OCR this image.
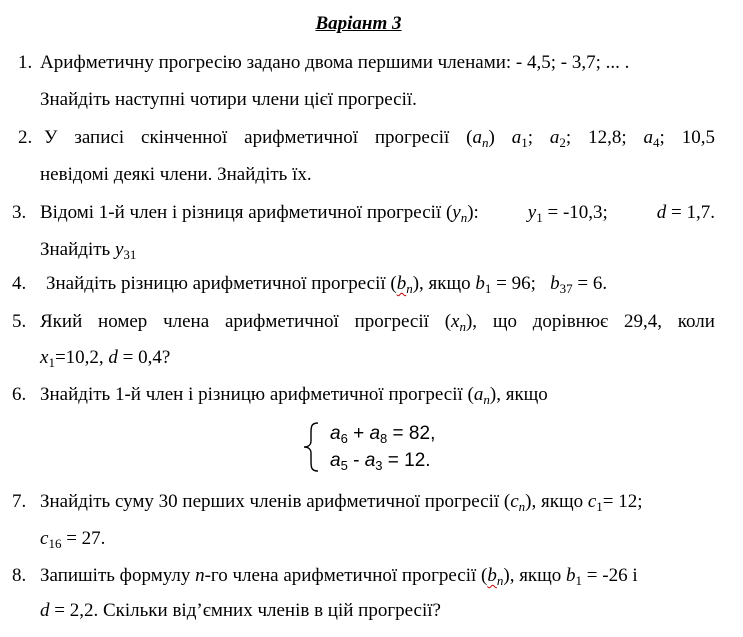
Варіант 3
1. Арифметичну прогресію задано двома першими членами: - 4,5; - 3,7; ... .
Знайдіть наступні чотири члени цієї прогресії.
2. У записі скінченної арифметичної прогресії $(a_n)$ $a_1$; $a_2$; 12,8; $a_4$; 10,5
невідомі деякі члени. Знайдіть їх.
3. Відомі 1-й член і різниця арифметичної прогресії $(y_n)$:	$y_1 = -10,3$;	d = 1,7.
Знайдіть $y_{31}$
4. Знайдіть різницю арифметичної прогресії $(b_n)$, якщо $b_1 = 96$; $b_{37} = 6$.
5. Який номер члена арифметичної прогресії $(x_n)$, що дорівнює 29,4, коли
$x_1=10,2$, d = 0,4?
6. Знайдіть 1-й член і різницю арифметичної прогресії $(a_n)$, якщо
$a_6 + a_8 = 82$,
$a_5 - a_3 = 12$.
7. Знайдіть суму 30 перших членів арифметичної прогресії $(c_n)$, якщо $c_1= 12$;
$c_{16} = 27$.
8. Запишіть формулу n-го члена арифметичної прогресії $(b_n)$, якщо $b_1 = -26$ і
d = 2,2. Скільки від’ємних членів в цій прогресії?
